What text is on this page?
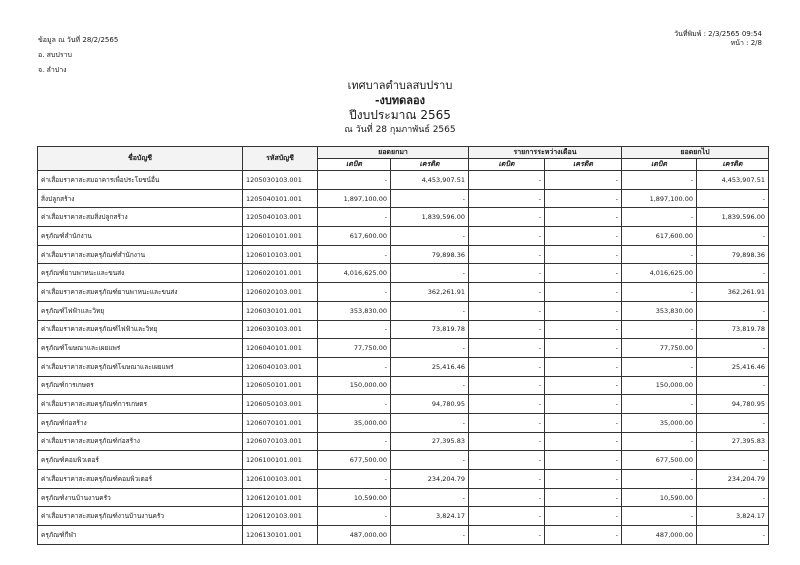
ข้อมูล ณ วันที่ 28/2/2565
อ. สบปราบ
จ. ลำปาง
วันที่พิมพ์ : 2/3/2565 09:54
หน้า : 2/8
เทศบาลตำบลสบปราบ
-งบทดลอง
ปีงบประมาณ 2565
ณ วันที่ 28 กุมภาพันธ์ 2565
ชื่อบัญชี	รหัสบัญชี	ยอดยกมา		รายการระหว่างเดือน		ยอดยกไป	
		เดบิต	เครดิต	เดบิต	เครดิต	เดบิต	เครดิต
ค่าเสื่อมราคาสะสมอาคารเพื่อประโยชน์อื่น	1205030103.001	-	4,453,907.51	-	-	-	4,453,907.51
สิ่งปลูกสร้าง	1205040101.001	1,897,100.00	-	-	-	1,897,100.00	-
ค่าเสื่อมราคาสะสมสิ่งปลูกสร้าง	1205040103.001	-	1,839,596.00	-	-	-	1,839,596.00
ครุภัณฑ์สำนักงาน	1206010101.001	617,600.00	-	-	-	617,600.00	-
ค่าเสื่อมราคาสะสมครุภัณฑ์สำนักงาน	1206010103.001	-	79,898.36	-	-	-	79,898.36
ครุภัณฑ์ยานพาหนะและขนส่ง	1206020101.001	4,016,625.00	-	-	-	4,016,625.00	-
ค่าเสื่อมราคาสะสมครุภัณฑ์ยานพาหนะและขนส่ง	1206020103.001	-	362,261.91	-	-	-	362,261.91
ครุภัณฑ์ไฟฟ้าและวิทยุ	1206030101.001	353,830.00	-	-	-	353,830.00	-
ค่าเสื่อมราคาสะสมครุภัณฑ์ไฟฟ้าและวิทยุ	1206030103.001	-	73,819.78	-	-	-	73,819.78
ครุภัณฑ์โฆษณาและเผยแพร่	1206040101.001	77,750.00	-	-	-	77,750.00	-
ค่าเสื่อมราคาสะสมครุภัณฑ์โฆษณาและเผยแพร่	1206040103.001	-	25,416.46	-	-	-	25,416.46
ครุภัณฑ์การเกษตร	1206050101.001	150,000.00	-	-	-	150,000.00	-
ค่าเสื่อมราคาสะสมครุภัณฑ์การเกษตร	1206050103.001	-	94,780.95	-	-	-	94,780.95
ครุภัณฑ์ก่อสร้าง	1206070101.001	35,000.00	-	-	-	35,000.00	-
ค่าเสื่อมราคาสะสมครุภัณฑ์ก่อสร้าง	1206070103.001	-	27,395.83	-	-	-	27,395.83
ครุภัณฑ์คอมพิวเตอร์	1206100101.001	677,500.00	-	-	-	677,500.00	-
ค่าเสื่อมราคาสะสมครุภัณฑ์คอมพิวเตอร์	1206100103.001	-	234,204.79	-	-	-	234,204.79
ครุภัณฑ์งานบ้านงานครัว	1206120101.001	10,590.00	-	-	-	10,590.00	-
ค่าเสื่อมราคาสะสมครุภัณฑ์งานบ้านงานครัว	1206120103.001	-	3,824.17	-	-	-	3,824.17
ครุภัณฑ์กีฬา	1206130101.001	487,000.00	-	-	-	487,000.00	-
